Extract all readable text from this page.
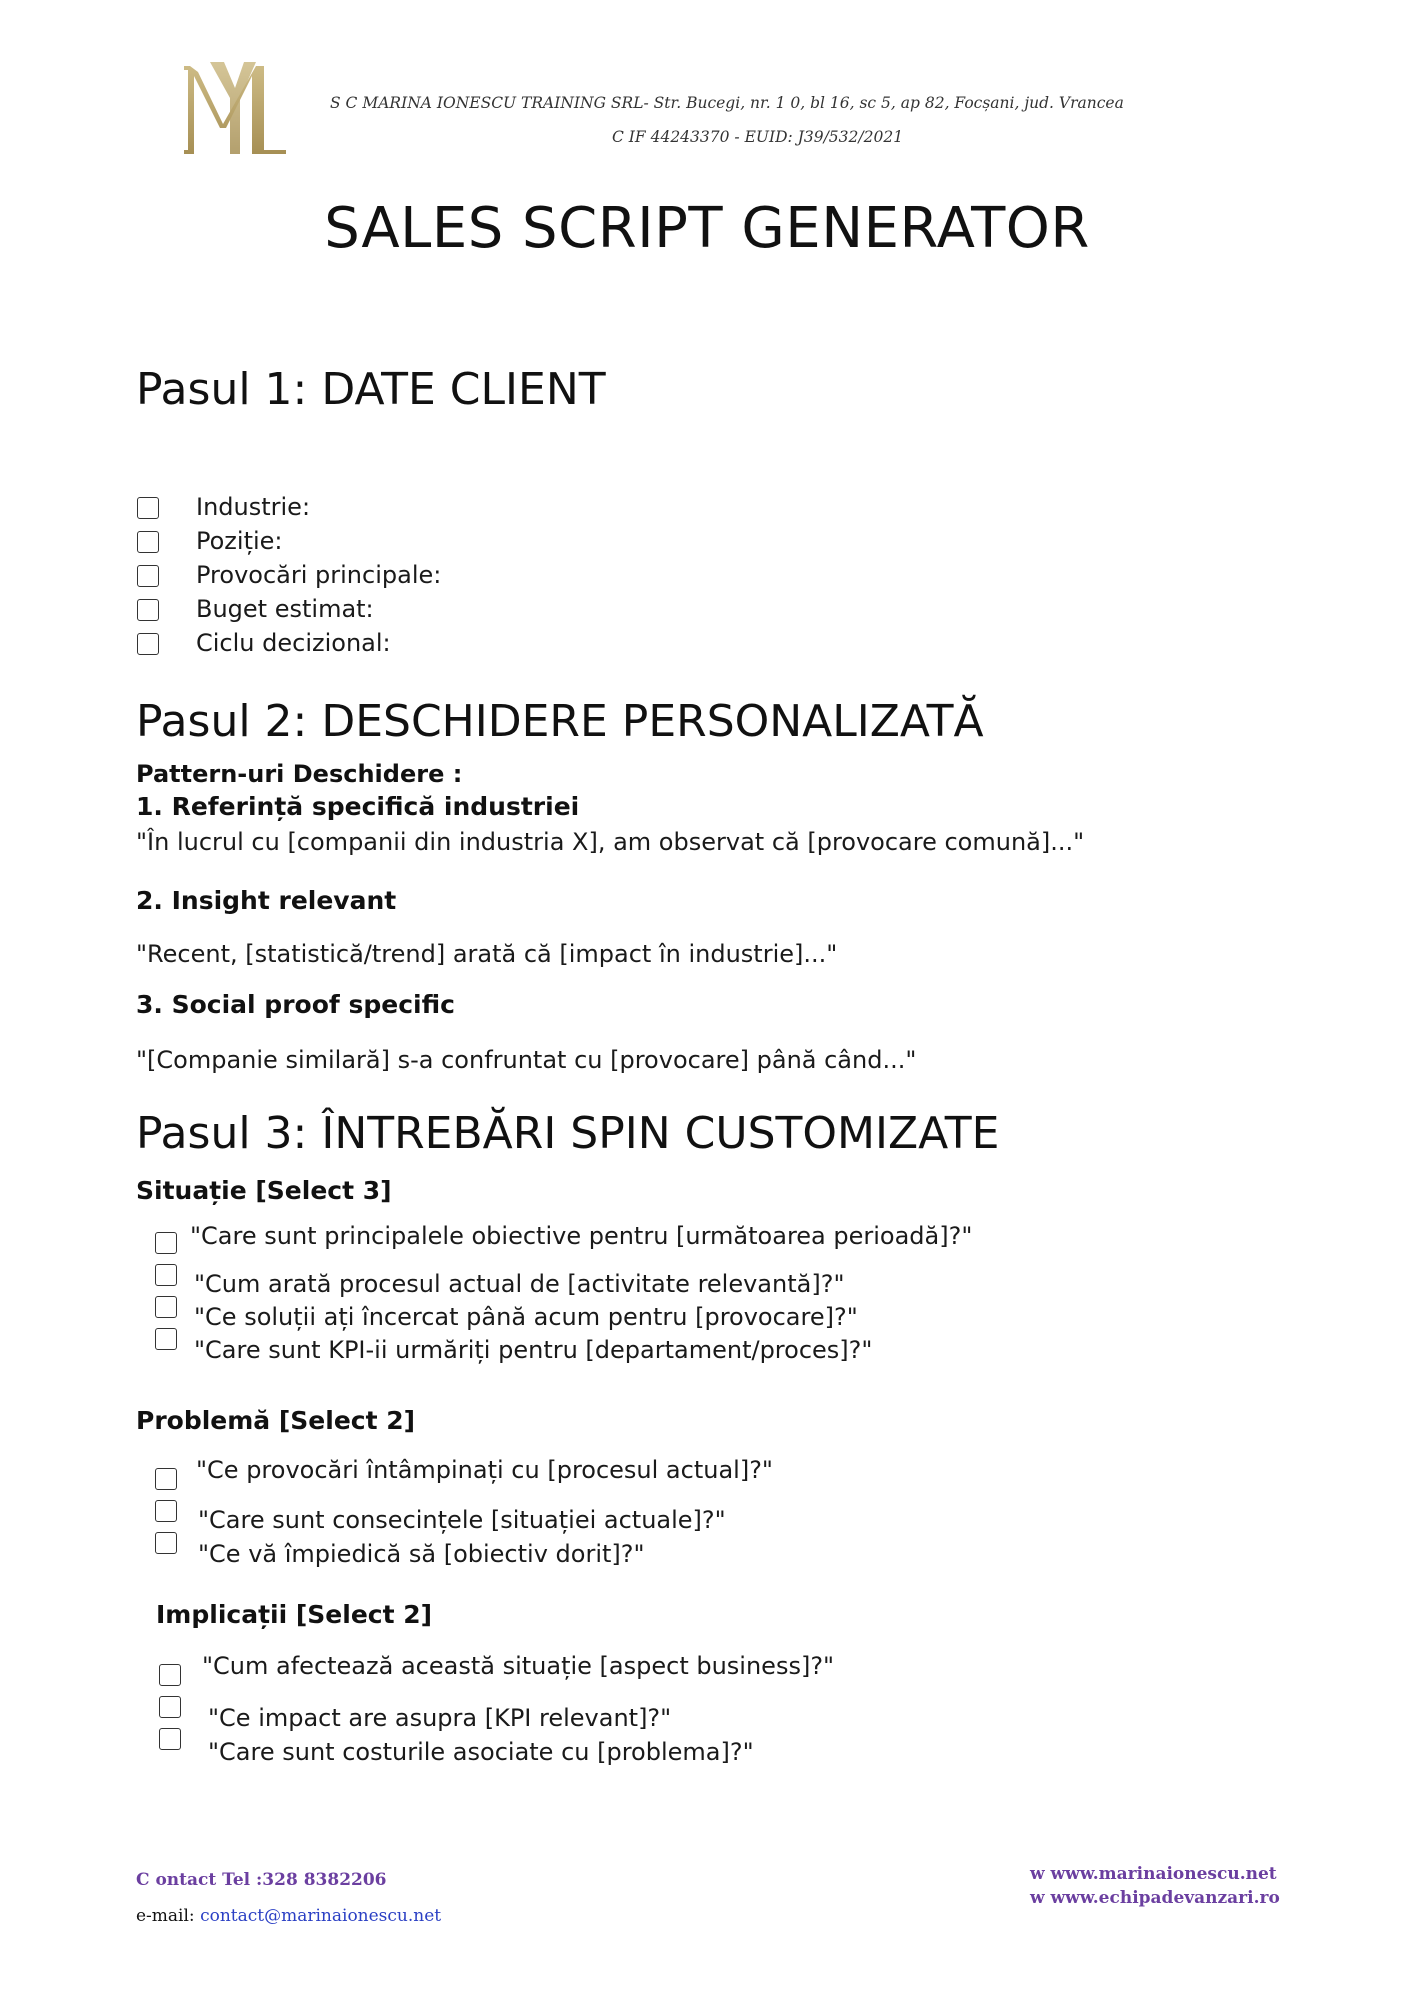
S C MARINA IONESCU TRAINING SRL- Str. Bucegi, nr. 1 0, bl 16, sc 5, ap 82, Focșani, jud. Vrancea
C IF 44243370 - EUID: J39/532/2021
SALES SCRIPT GENERATOR
Pasul 1: DATE CLIENT
Industrie:
Poziție:
Provocări principale:
Buget estimat:
Ciclu decizional:
Pasul 2: DESCHIDERE PERSONALIZATĂ
Pattern-uri Deschidere :
1. Referință specifică industriei
"În lucrul cu [companii din industria X], am observat că [provocare comună]..."
2. Insight relevant
"Recent, [statistică/trend] arată că [impact în industrie]..."
3. Social proof specific
"[Companie similară] s-a confruntat cu [provocare] până când..."
Pasul 3: ÎNTREBĂRI SPIN CUSTOMIZATE
Situație [Select 3]
"Care sunt principalele obiective pentru [următoarea perioadă]?"
"Cum arată procesul actual de [activitate relevantă]?"
"Ce soluții ați încercat până acum pentru [provocare]?"
"Care sunt KPI-ii urmăriți pentru [departament/proces]?"
Problemă [Select 2]
"Ce provocări întâmpinați cu [procesul actual]?"
"Care sunt consecințele [situației actuale]?"
"Ce vă împiedică să [obiectiv dorit]?"
Implicații [Select 2]
"Cum afectează această situație [aspect business]?"
"Ce impact are asupra [KPI relevant]?"
"Care sunt costurile asociate cu [problema]?"
C ontact Tel :328 8382206
e-mail: contact@marinaionescu.net
w www.marinaionescu.net
w www.echipadevanzari.ro
